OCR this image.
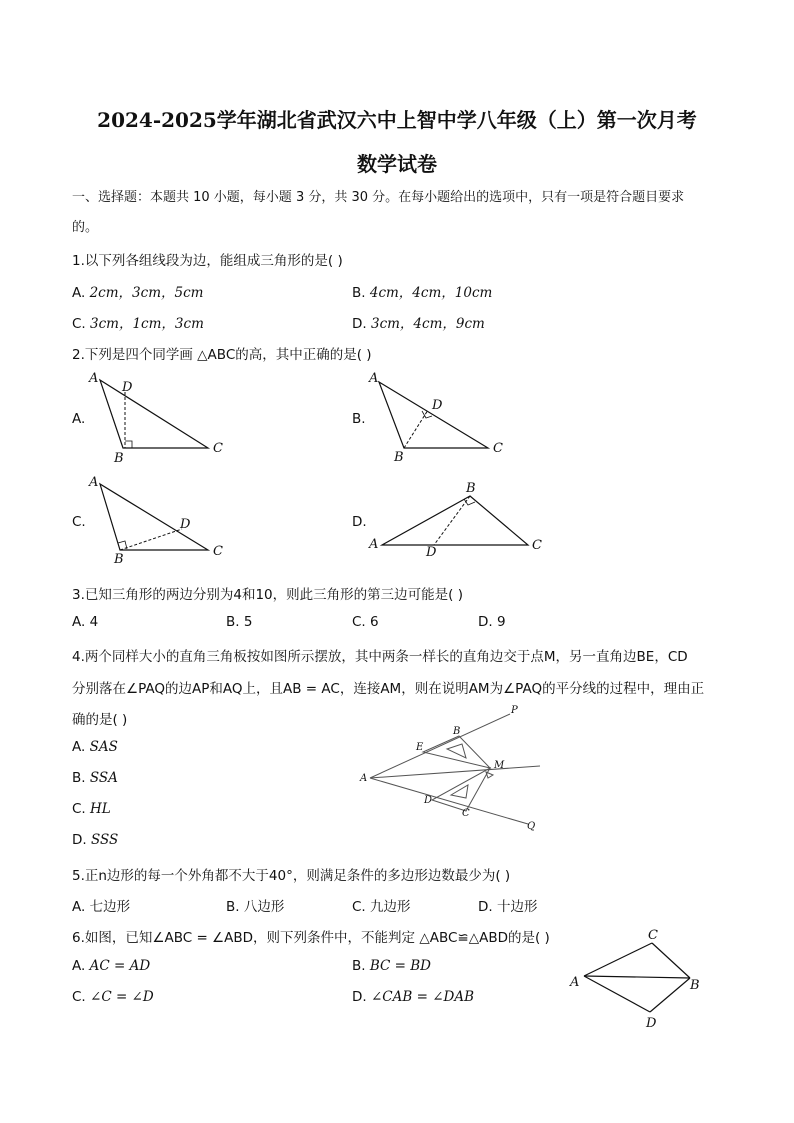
2024-2025学年湖北省武汉六中上智中学八年级（上）第一次月考
数学试卷
一、选择题：本题共 10 小题，每小题 3 分，共 30 分。在每小题给出的选项中，只有一项是符合题目要求
的。
1.以下列各组线段为边，能组成三角形的是( )
A. 2cm，3cm，5cm	B. 4cm，4cm，10cm
C. 3cm，1cm，3cm	D. 3cm，4cm，9cm
2.下列是四个同学画 △ABC的高，其中正确的是( )
A.
A
D
B
C
B.
A
D
B
C
C.
A
D
B
C
D.
B
A
D	C
3.已知三角形的两边分别为4和10，则此三角形的第三边可能是( )
A. 4	B. 5	C. 6	D. 9
4.两个同样大小的直角三角板按如图所示摆放，其中两条一样长的直角边交于点M，另一直角边BE，CD
分别落在∠PAQ的边AP和AQ上，且AB = AC，连接AM，则在说明AM为∠PAQ的平分线的过程中，理由正
确的是( )
A. SAS
B. SSA
C. HL
D. SSS
P
B
E
A
M
D
C
Q
5.正n边形的每一个外角都不大于40°，则满足条件的多边形边数最少为( )
A. 七边形	B. 八边形	C. 九边形	D. 十边形
6.如图，已知∠ABC = ∠ABD，则下列条件中，不能判定 △ABC≌△ABD的是( )
A. AC = AD	B. BC = BD
C. ∠C = ∠D	D. ∠CAB = ∠DAB
C
A	B
D
